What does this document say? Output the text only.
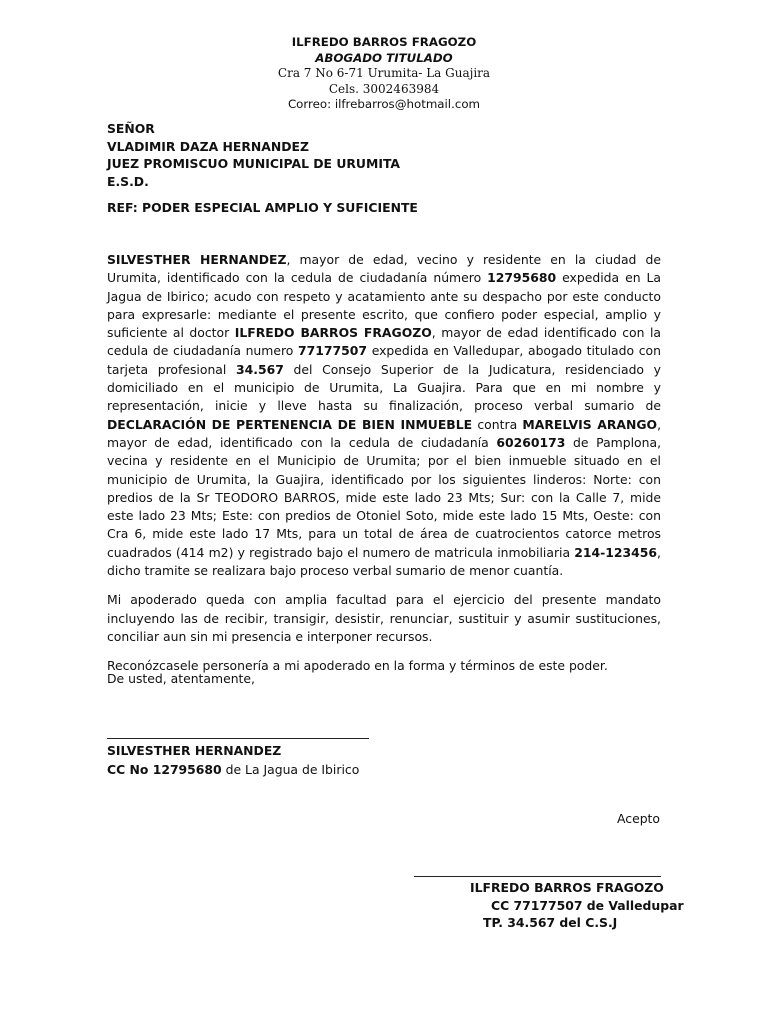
ILFREDO BARROS FRAGOZO
ABOGADO TITULADO
Cra 7 No 6-71 Urumita- La Guajira
Cels. 3002463984
Correo: ilfrebarros@hotmail.com
SEÑOR
VLADIMIR DAZA HERNANDEZ
JUEZ PROMISCUO MUNICIPAL DE URUMITA
E.S.D.
REF: PODER ESPECIAL AMPLIO Y SUFICIENTE

SILVESTHER HERNANDEZ, mayor de edad, vecino y residente en la ciudad de Urumita, identificado con la cedula de ciudadanía número 12795680 expedida en La Jagua de Ibirico; acudo con respeto y acatamiento ante su despacho por este conducto para expresarle: mediante el presente escrito, que confiero poder especial, amplio y suficiente al doctor ILFREDO BARROS FRAGOZO, mayor de edad identificado con la cedula de ciudadanía numero 77177507 expedida en Valledupar, abogado titulado con tarjeta profesional 34.567 del Consejo Superior de la Judicatura, residenciado y domiciliado en el municipio de Urumita, La Guajira. Para que en mi nombre y representación, inicie y lleve hasta su finalización, proceso verbal sumario de DECLARACIÓN DE PERTENENCIA DE BIEN INMUEBLE contra MARELVIS ARANGO, mayor de edad, identificado con la cedula de ciudadanía 60260173 de Pamplona, vecina y residente en el Municipio de Urumita; por el bien inmueble situado en el municipio de Urumita, la Guajira, identificado por los siguientes linderos: Norte: con predios de la Sr TEODORO BARROS, mide este lado 23 Mts; Sur: con la Calle 7, mide este lado 23 Mts; Este: con predios de Otoniel Soto, mide este lado 15 Mts, Oeste: con Cra 6, mide este lado 17 Mts, para un total de área de cuatrocientos catorce metros cuadrados (414 m2) y registrado bajo el numero de matricula inmobiliaria 214-123456, dicho tramite se realizara bajo proceso verbal sumario de menor cuantía.

Mi apoderado queda con amplia facultad para el ejercicio del presente mandato incluyendo las de recibir, transigir, desistir, renunciar, sustituir y asumir sustituciones, conciliar aun sin mi presencia e interponer recursos.

Reconózcasele personería a mi apoderado en la forma y términos de este poder.

De usted, atentamente,
SILVESTHER HERNANDEZ
CC No 12795680 de La Jagua de Ibirico
Acepto
ILFREDO BARROS FRAGOZO
CC 77177507 de Valledupar
TP. 34.567 del C.S.J
